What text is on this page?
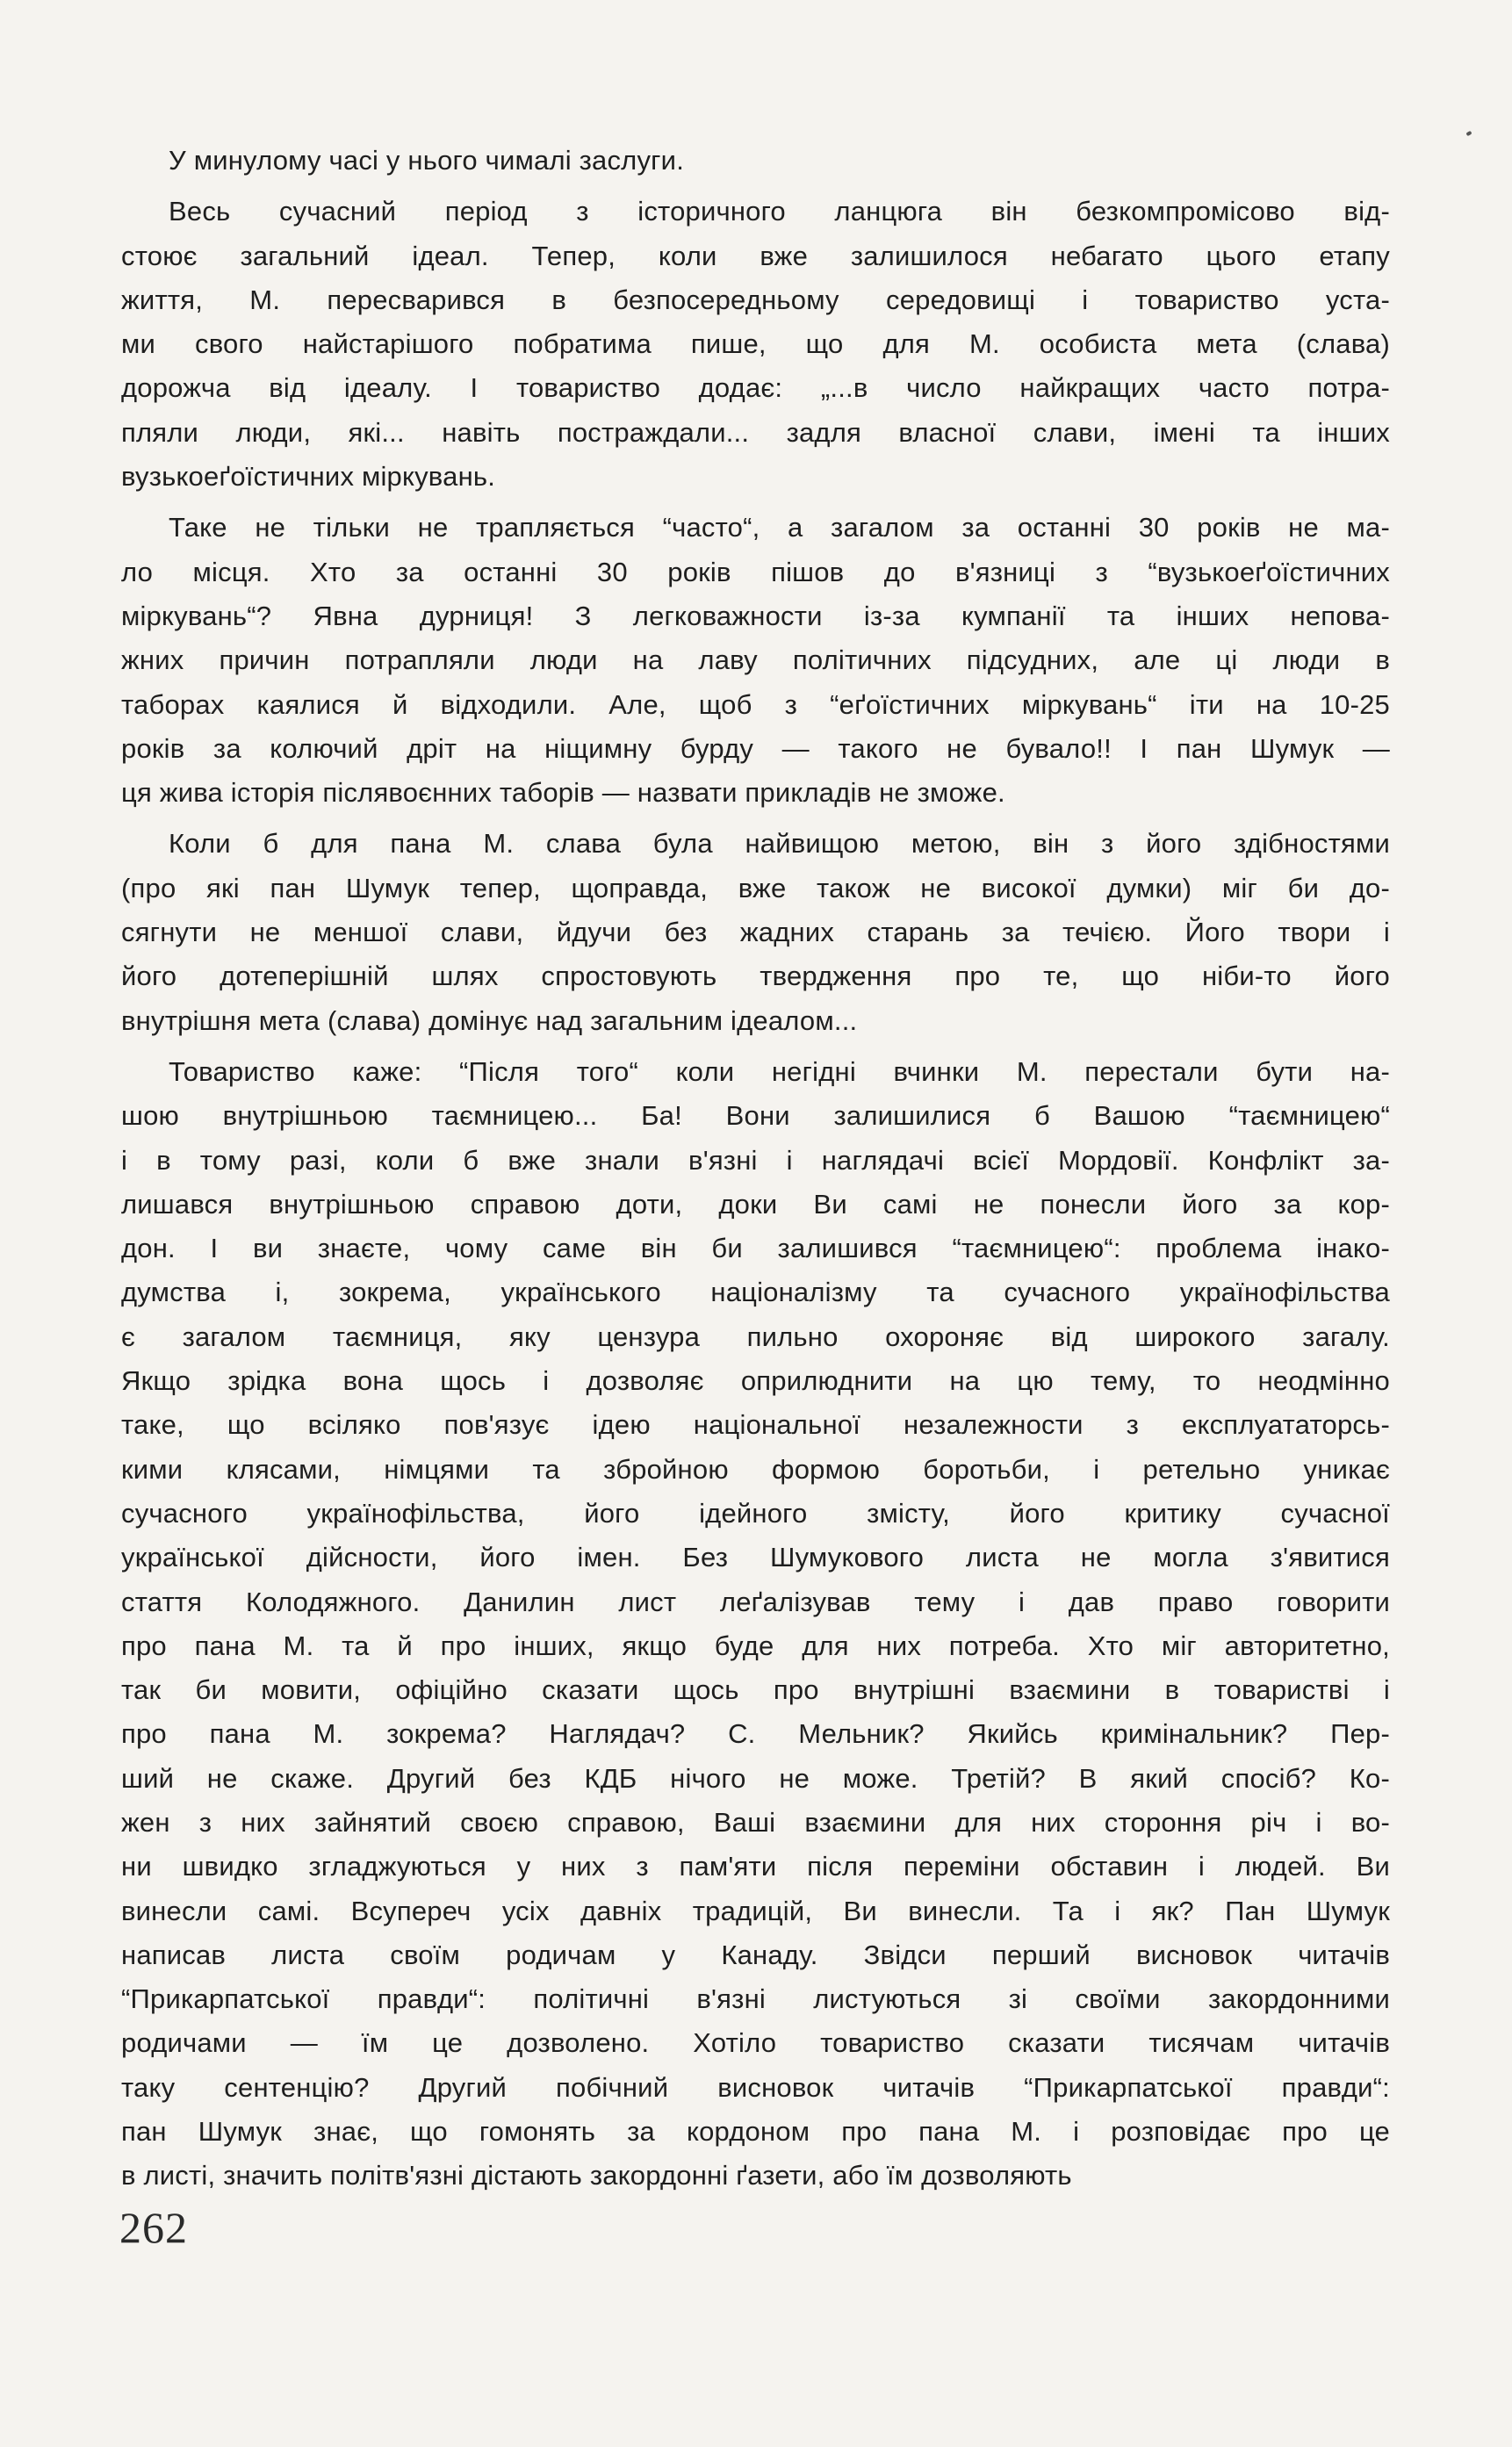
У минулому часі у нього чималі заслуги.
Весь сучасний період з історичного ланцюга він безкомпромісово від-
стоює загальний ідеал. Тепер, коли вже залишилося небагато цього етапу
життя, М. пересварився в безпосередньому середовищі і товариство уста-
ми свого найстарішого побратима пише, що для М. особиста мета (слава)
дорожча від ідеалу. І товариство додає: „...в число найкращих часто потра-
пляли люди, які... навіть постраждали... задля власної слави, імені та інших
вузькоеґоїстичних міркувань.
Таке не тільки не трапляється “часто“, а загалом за останні 30 років не ма-
ло місця. Хто за останні 30 років пішов до в'язниці з “вузькоеґоїстичних
міркувань“? Явна дурниця! З легковажности із-за кумпанії та інших непова-
жних причин потрапляли люди на лаву політичних підсудних, але ці люди в
таборах каялися й відходили. Але, щоб з “еґоїстичних міркувань“ іти на 10-25
років за колючий дріт на ніщимну бурду — такого не бувало!! І пан Шумук —
ця жива історія післявоєнних таборів — назвати прикладів не зможе.
Коли б для пана М. слава була найвищою метою, він з його здібностями
(про які пан Шумук тепер, щоправда, вже також не високої думки) міг би до-
сягнути не меншої слави, йдучи без жадних старань за течією. Його твори і
його дотеперішній шлях спростовують твердження про те, що ніби-то його
внутрішня мета (слава) домінує над загальним ідеалом...
Товариство каже: “Після того“ коли негідні вчинки М. перестали бути на-
шою внутрішньою таємницею... Ба! Вони залишилися б Вашою “таємницею“
і в тому разі, коли б вже знали в'язні і наглядачі всієї Мордовії. Конфлікт за-
лишався внутрішньою справою доти, доки Ви самі не понесли його за кор-
дон. І ви знаєте, чому саме він би залишився “таємницею“: проблема інако-
думства і, зокрема, українського націоналізму та сучасного українофільства
є загалом таємниця, яку цензура пильно охороняє від широкого загалу.
Якщо зрідка вона щось і дозволяє оприлюднити на цю тему, то неодмінно
таке, що всіляко пов'язує ідею національної незалежности з експлуататорсь-
кими клясами, німцями та збройною формою боротьби, і ретельно уникає
сучасного українофільства, його ідейного змісту, його критику сучасної
української дійсности, його імен. Без Шумукового листа не могла з'явитися
стаття Колодяжного. Данилин лист леґалізував тему і дав право говорити
про пана М. та й про інших, якщо буде для них потреба. Хто міг авторитетно,
так би мовити, офіційно сказати щось про внутрішні взаємини в товаристві і
про пана М. зокрема? Наглядач? С. Мельник? Якийсь кримінальник? Пер-
ший не скаже. Другий без КДБ нічого не може. Третій? В який спосіб? Ко-
жен з них зайнятий своєю справою, Ваші взаємини для них стороння річ і во-
ни швидко згладжуються у них з пам'яти після переміни обставин і людей. Ви
винесли самі. Всупереч усіх давніх традицій, Ви винесли. Та і як? Пан Шумук
написав листа своїм родичам у Канаду. Звідси перший висновок читачів
“Прикарпатської правди“: політичні в'язні листуються зі своїми закордонними
родичами — їм це дозволено. Хотіло товариство сказати тисячам читачів
таку сентенцію? Другий побічний висновок читачів “Прикарпатської правди“:
пан Шумук знає, що гомонять за кордоном про пана М. і розповідає про це
в листі, значить політв'язні дістають закордонні ґазети, або їм дозволяють
262
